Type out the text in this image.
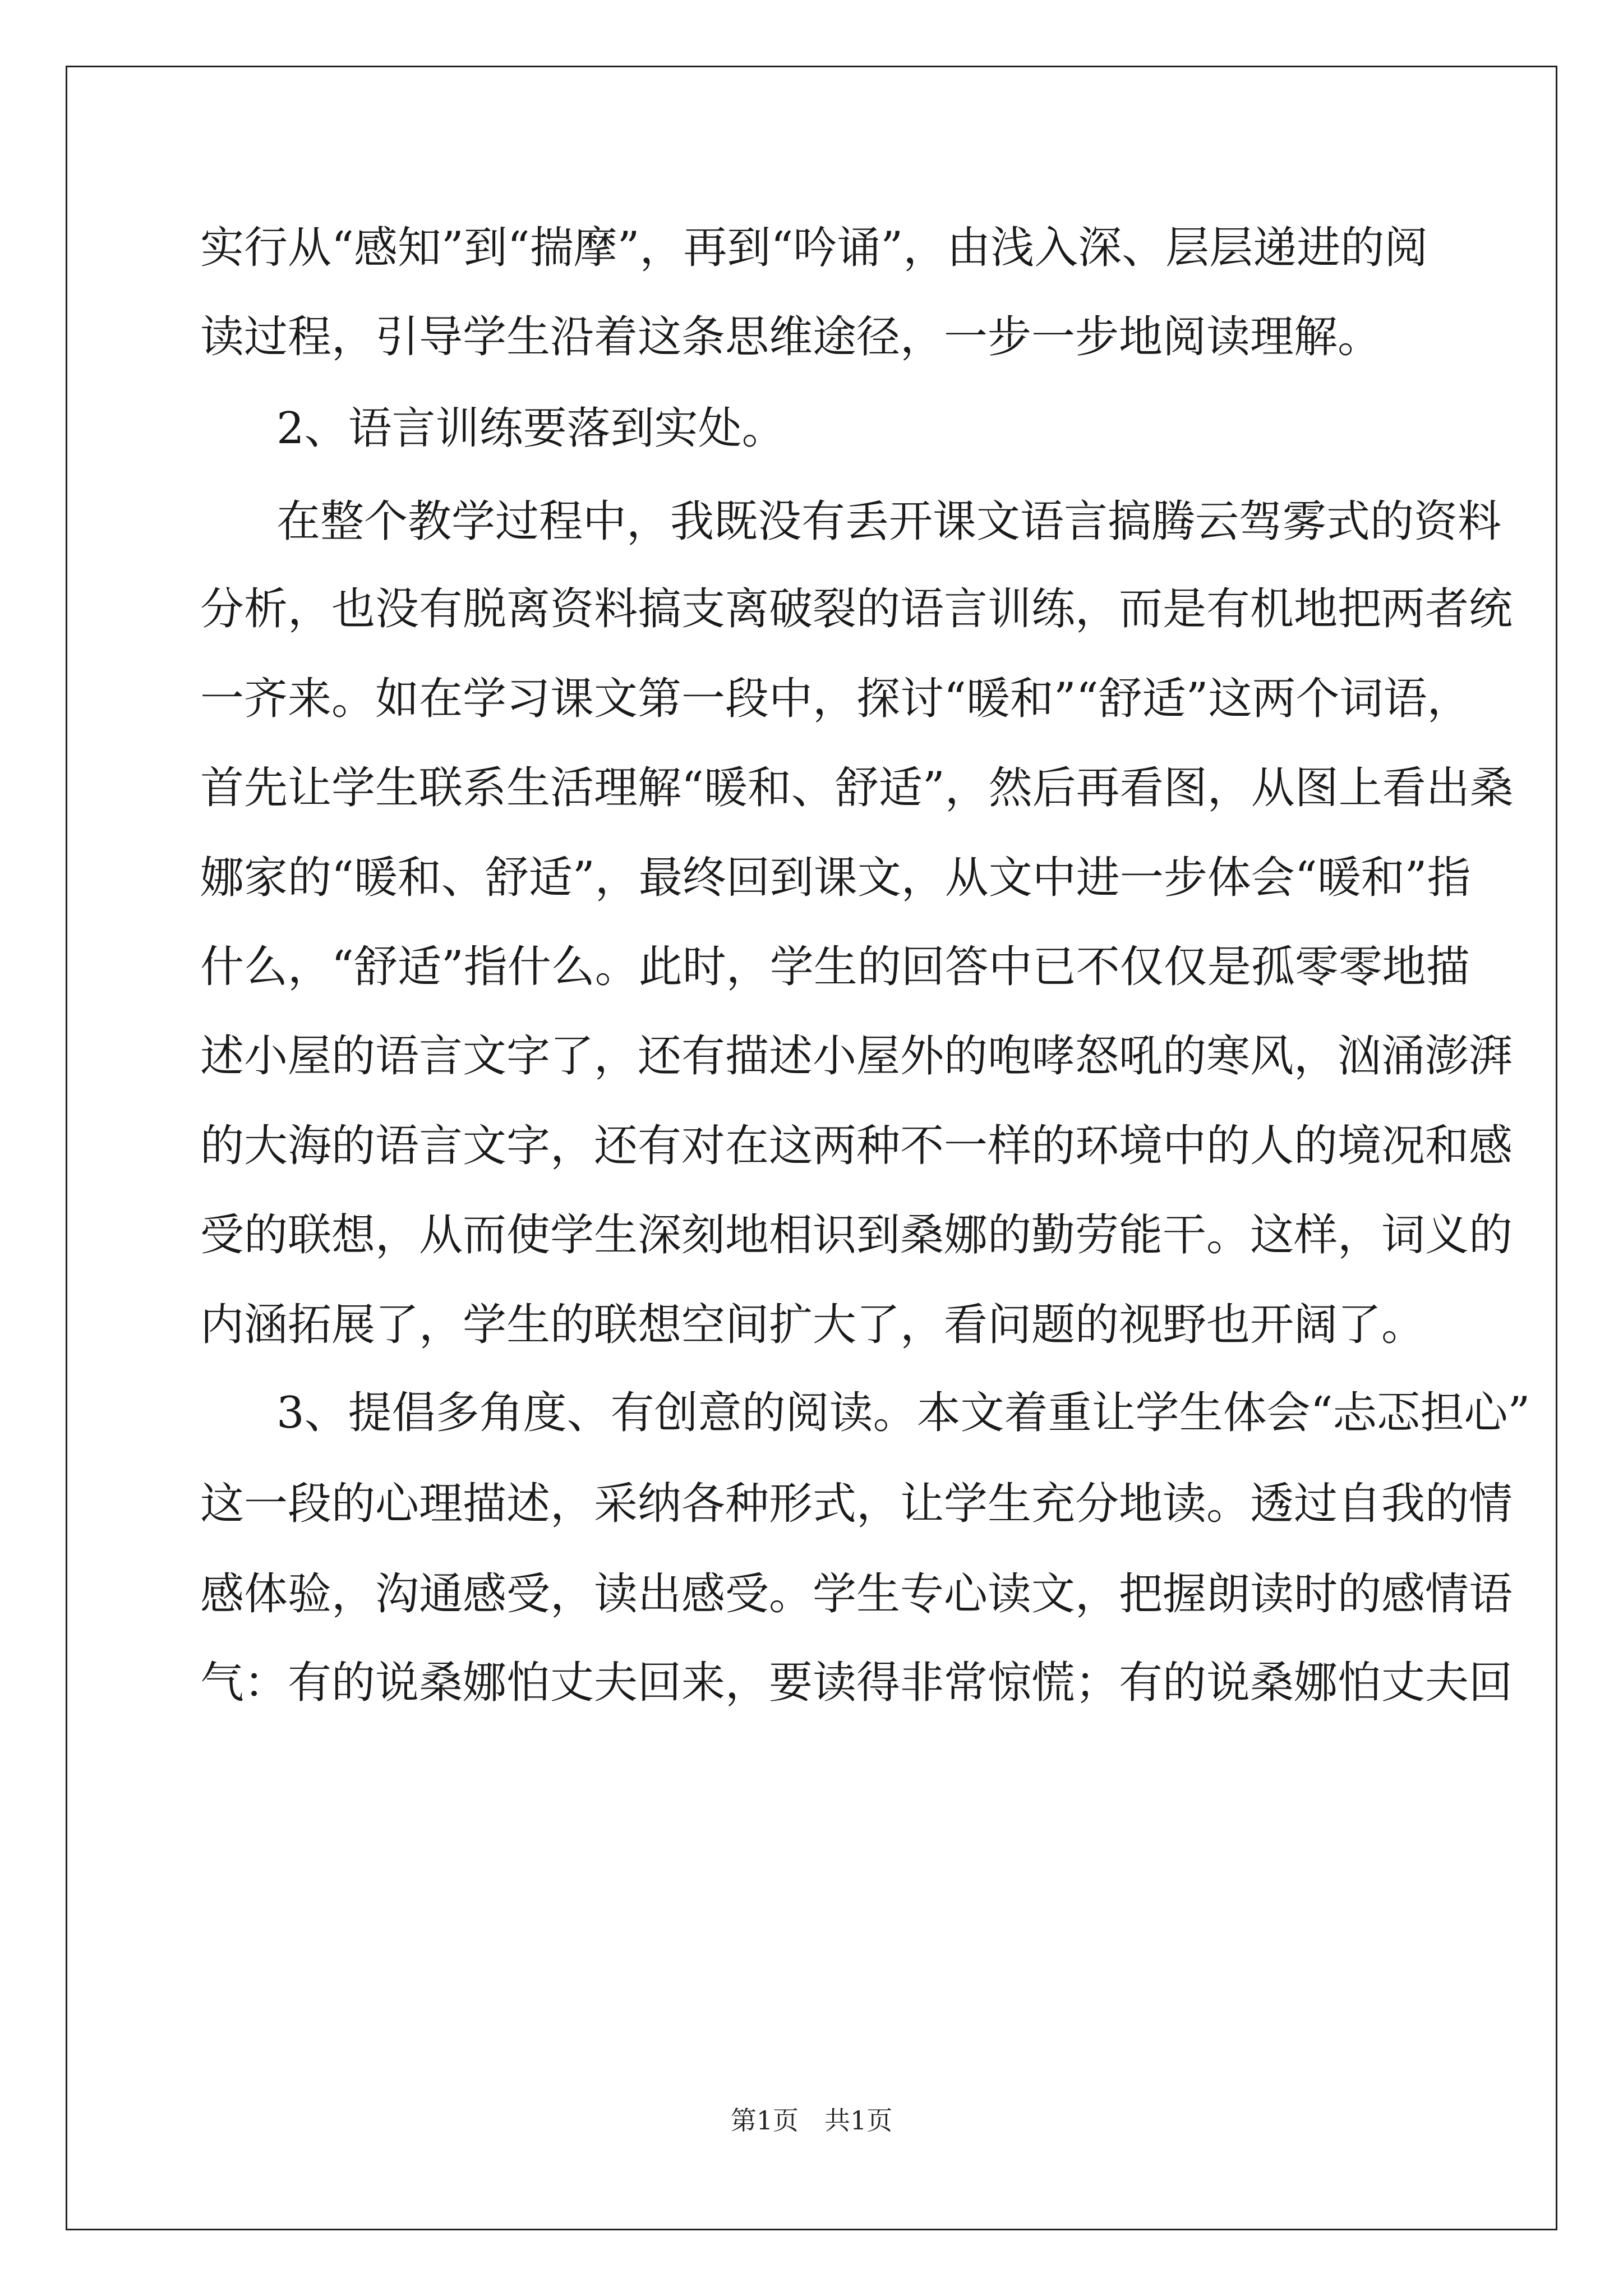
实行从“感知”到“揣摩”，再到“吟诵”，由浅入深、层层递进的阅
读过程，引导学生沿着这条思维途径，一步一步地阅读理解。
2、语言训练要落到实处。
在整个教学过程中，我既没有丢开课文语言搞腾云驾雾式的资料
分析，也没有脱离资料搞支离破裂的语言训练，而是有机地把两者统
一齐来。如在学习课文第一段中，探讨“暖和”“舒适”这两个词语，
首先让学生联系生活理解“暖和、舒适”，然后再看图，从图上看出桑
娜家的“暖和、舒适”，最终回到课文，从文中进一步体会“暖和”指
什么，“舒适”指什么。此时，学生的回答中已不仅仅是孤零零地描
述小屋的语言文字了，还有描述小屋外的咆哮怒吼的寒风，汹涌澎湃
的大海的语言文字，还有对在这两种不一样的环境中的人的境况和感
受的联想，从而使学生深刻地相识到桑娜的勤劳能干。这样，词义的
内涵拓展了，学生的联想空间扩大了，看问题的视野也开阔了。
3、提倡多角度、有创意的阅读。本文着重让学生体会“忐忑担心”
这一段的心理描述，采纳各种形式，让学生充分地读。透过自我的情
感体验，沟通感受，读出感受。学生专心读文，把握朗读时的感情语
气：有的说桑娜怕丈夫回来，要读得非常惊慌；有的说桑娜怕丈夫回
第1页　共1页
